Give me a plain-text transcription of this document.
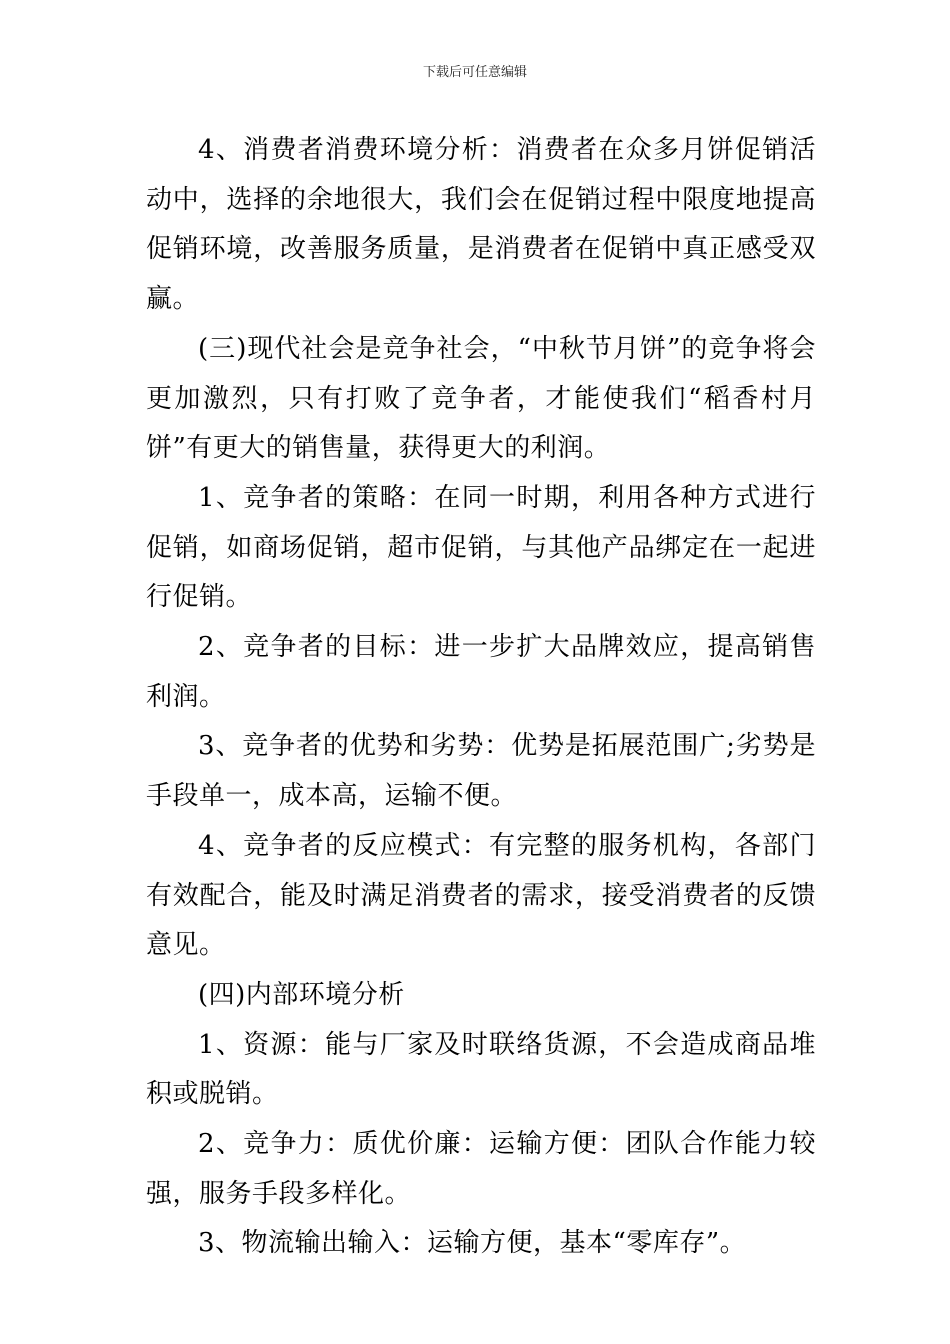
下载后可任意编辑

4、消费者消费环境分析：消费者在众多月饼促销活动中，选择的余地很大，我们会在促销过程中限度地提高促销环境，改善服务质量，是消费者在促销中真正感受双赢。

(三)现代社会是竞争社会，“中秋节月饼”的竞争将会更加激烈，只有打败了竞争者，才能使我们“稻香村月饼”有更大的销售量，获得更大的利润。

1、竞争者的策略：在同一时期，利用各种方式进行促销，如商场促销，超市促销，与其他产品绑定在一起进行促销。

2、竞争者的目标：进一步扩大品牌效应，提高销售利润。

3、竞争者的优势和劣势：优势是拓展范围广;劣势是手段单一，成本高，运输不便。

4、竞争者的反应模式：有完整的服务机构，各部门有效配合，能及时满足消费者的需求，接受消费者的反馈意见。

(四)内部环境分析

1、资源：能与厂家及时联络货源，不会造成商品堆积或脱销。

2、竞争力：质优价廉：运输方便：团队合作能力较强，服务手段多样化。

3、物流输出输入：运输方便，基本“零库存”。
